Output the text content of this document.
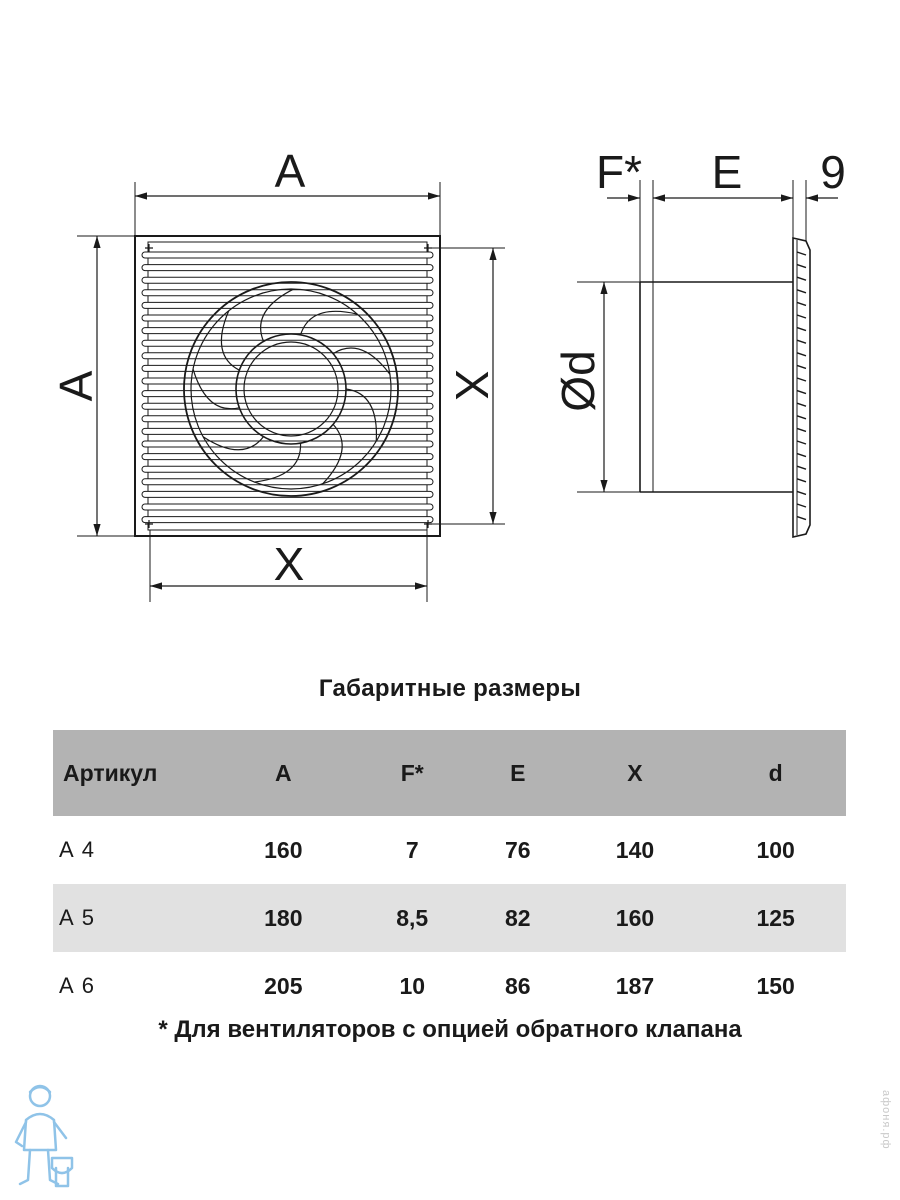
A
A
X
X
F* E 9
Ød
Габаритные размеры
Артикул	A	F*	E	X	d
А 4	160	7	76	140	100
А 5	180	8,5	82	160	125
А 6	205	10	86	187	150
* Для вентиляторов с опцией обратного клапана
афоня.рф
